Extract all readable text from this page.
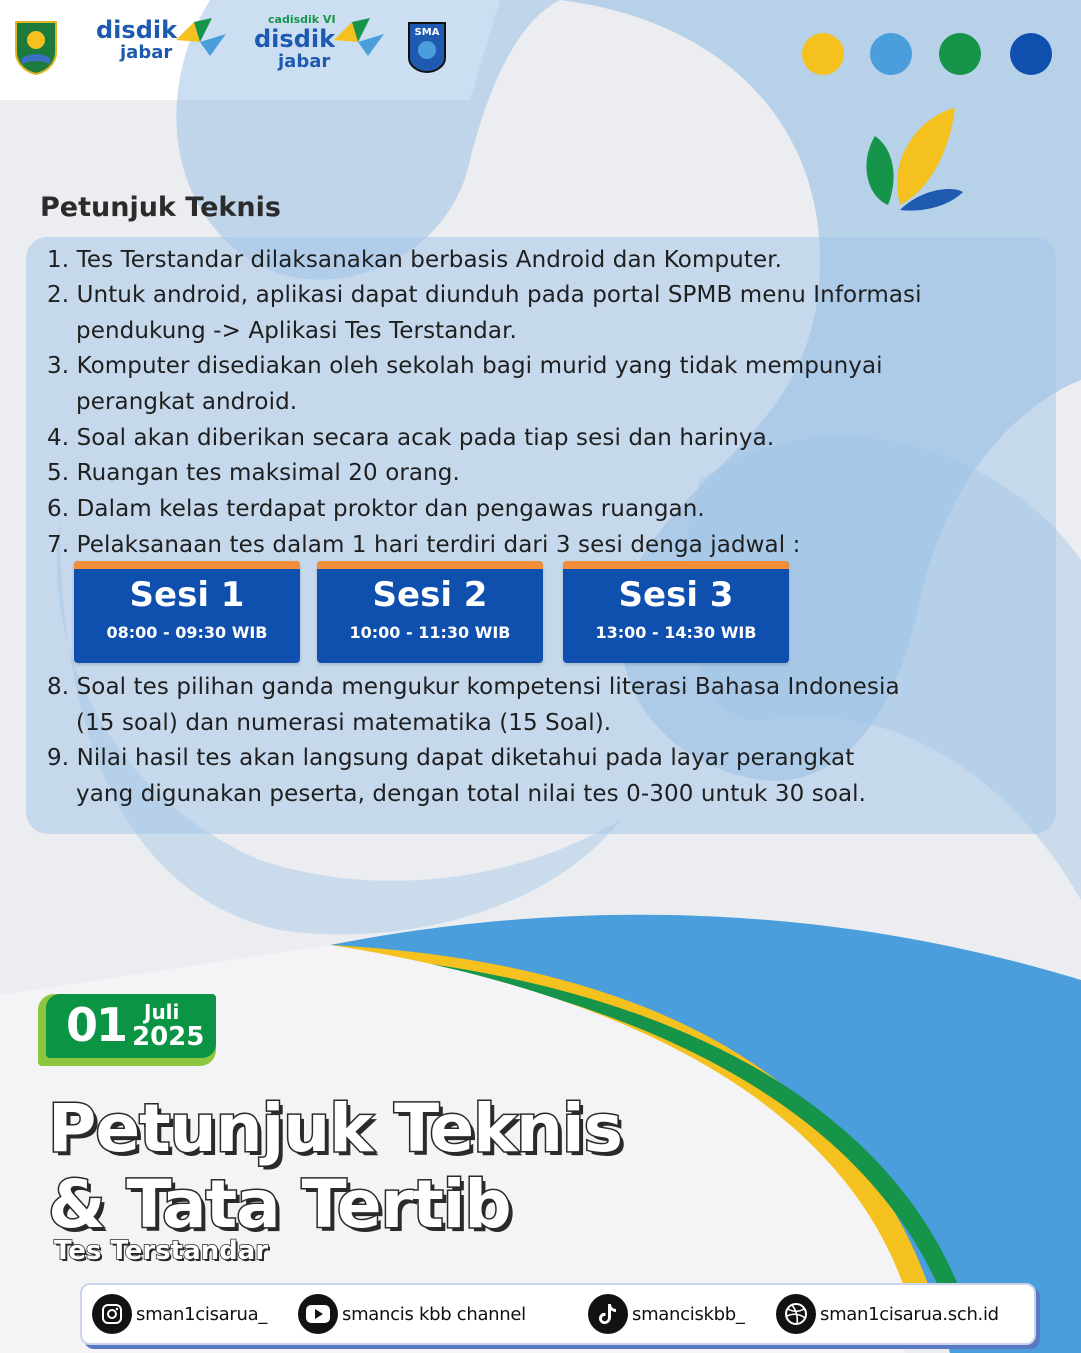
disdik
jabar
cadisdik VI
disdik
jabar
SMA
Petunjuk Teknis
1. Tes Terstandar dilaksanakan berbasis Android dan Komputer.
2. Untuk android, aplikasi dapat diunduh pada portal SPMB menu Informasi
pendukung -> Aplikasi Tes Terstandar.
3. Komputer disediakan oleh sekolah bagi murid yang tidak mempunyai
perangkat android.
4. Soal akan diberikan secara acak pada tiap sesi dan harinya.
5. Ruangan tes maksimal 20 orang.
6. Dalam kelas terdapat proktor dan pengawas ruangan.
7. Pelaksanaan tes dalam 1 hari terdiri dari 3 sesi denga jadwal :
Sesi 1
08:00 - 09:30 WIB
Sesi 2
10:00 - 11:30 WIB
Sesi 3
13:00 - 14:30 WIB
8. Soal tes pilihan ganda mengukur kompetensi literasi Bahasa Indonesia
(15 soal) dan numerasi matematika (15 Soal).
9. Nilai hasil tes akan langsung dapat diketahui pada layar perangkat
yang digunakan peserta, dengan total nilai tes 0-300 untuk 30 soal.
01 Juli
2025
Petunjuk Teknis
& Tata Tertib
Tes Terstandar
sman1cisarua_	smancis kbb channel	smanciskbb_	sman1cisarua.sch.id
